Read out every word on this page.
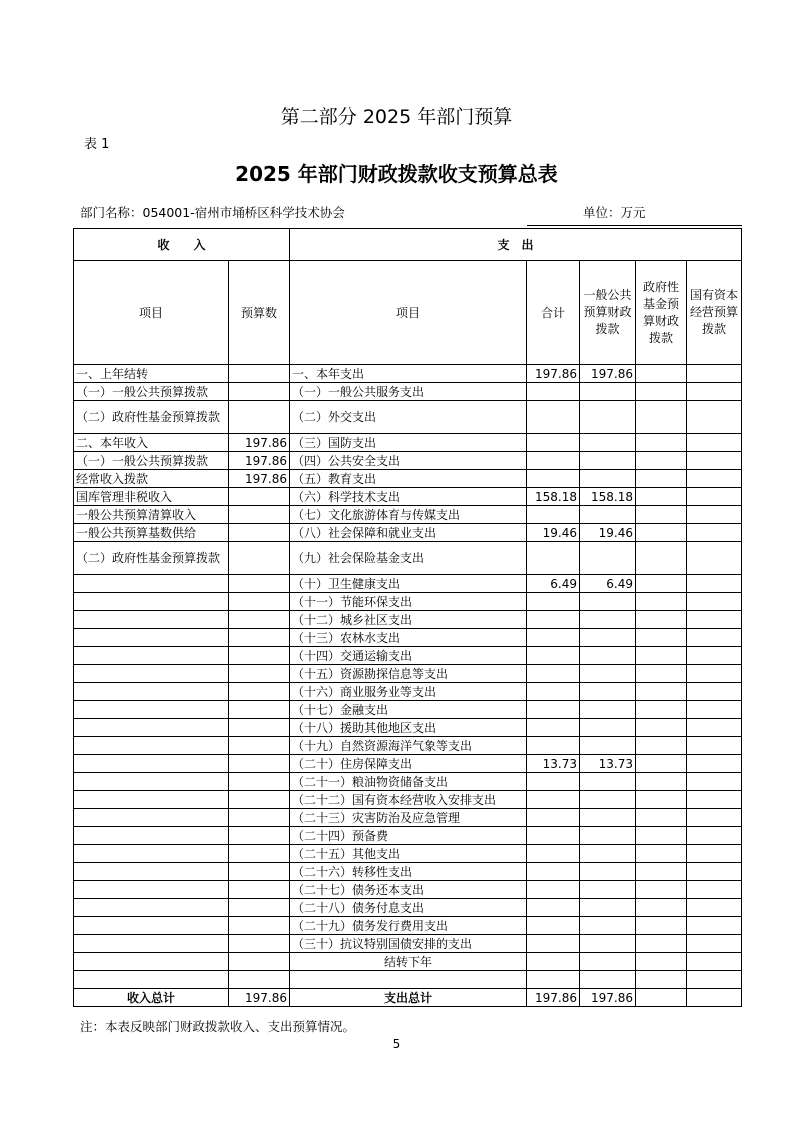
第二部分 2025 年部门预算
表 1
2025 年部门财政拨款收支预算总表
部门名称：054001-宿州市埇桥区科学技术协会	单位：万元
收　　入		支　出				
项目	预算数	项目	合计	一般公共预算财政拨款	政府性基金预算财政拨款	国有资本经营预算拨款
一、上年结转		一、本年支出	197.86	197.86		
（一）一般公共预算拨款		（一）一般公共服务支出				
（二）政府性基金预算拨款		（二）外交支出				
二、本年收入	197.86	（三）国防支出				
（一）一般公共预算拨款	197.86	（四）公共安全支出				
经常收入拨款	197.86	（五）教育支出				
国库管理非税收入		（六）科学技术支出	158.18	158.18		
一般公共预算清算收入		（七）文化旅游体育与传媒支出				
一般公共预算基数供给		（八）社会保障和就业支出	19.46	19.46		
（二）政府性基金预算拨款		（九）社会保险基金支出				
		（十）卫生健康支出	6.49	6.49		
		（十一）节能环保支出				
		（十二）城乡社区支出				
		（十三）农林水支出				
		（十四）交通运输支出				
		（十五）资源勘探信息等支出				
		（十六）商业服务业等支出				
		（十七）金融支出				
		（十八）援助其他地区支出				
		（十九）自然资源海洋气象等支出				
		（二十）住房保障支出	13.73	13.73		
		（二十一）粮油物资储备支出				
		（二十二）国有资本经营收入安排支出				
		（二十三）灾害防治及应急管理				
		（二十四）预备费				
		（二十五）其他支出				
		（二十六）转移性支出				
		（二十七）债务还本支出				
		（二十八）债务付息支出				
		（二十九）债务发行费用支出				
		（三十）抗议特别国债安排的支出				
		结转下年				

收入总计	197.86	支出总计	197.86	197.86		
注：本表反映部门财政拨款收入、支出预算情况。
5
